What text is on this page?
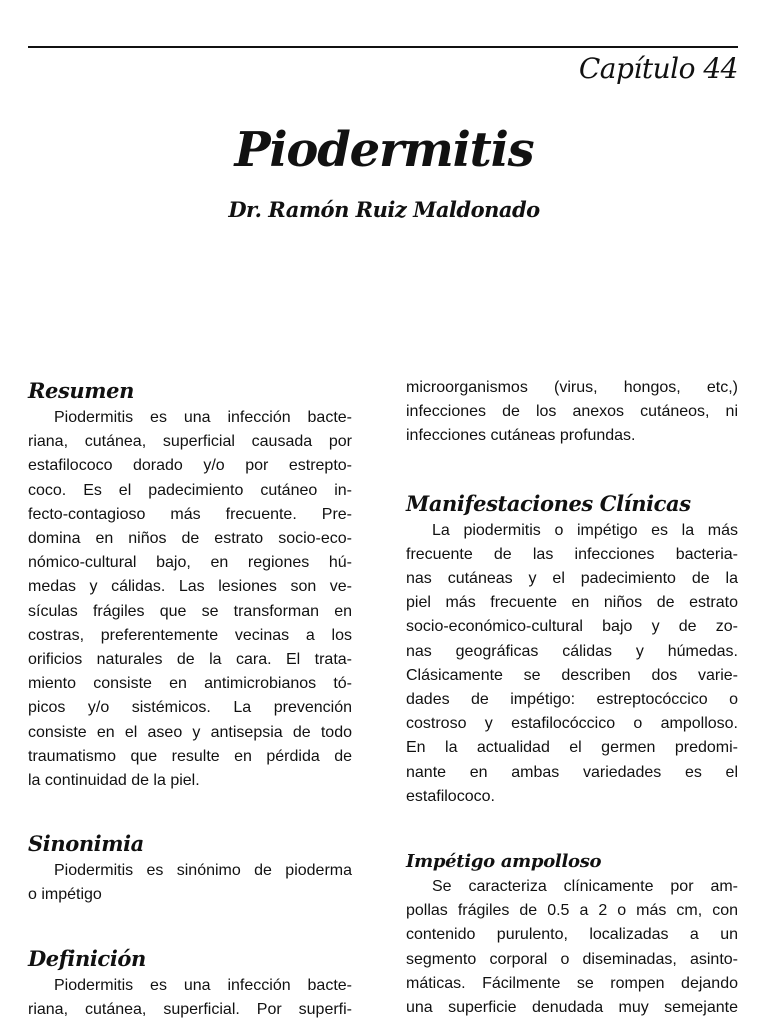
Capítulo 44
Piodermitis
Dr. Ramón Ruiz Maldonado
Resumen

Piodermitis es una infección bacte-
riana, cutánea, superficial causada por
estafilococo dorado y/o por estrepto-
coco. Es el padecimiento cutáneo in-
fecto-contagioso más frecuente. Pre-
domina en niños de estrato socio-eco-
nómico-cultural bajo, en regiones hú-
medas y cálidas. Las lesiones son ve-
sículas frágiles que se transforman en
costras, preferentemente vecinas a los
orificios naturales de la cara. El trata-
miento consiste en antimicrobianos tó-
picos y/o sistémicos. La prevención
consiste en el aseo y antisepsia de todo
traumatismo que resulte en pérdida de
la continuidad de la piel.

Sinonimia

Piodermitis es sinónimo de pioderma
o impétigo

Definición

Piodermitis es una infección bacte-
riana, cutánea, superficial. Por superfi-

microorganismos (virus, hongos, etc,)
infecciones de los anexos cutáneos, ni
infecciones cutáneas profundas.

Manifestaciones Clínicas

La piodermitis o impétigo es la más
frecuente de las infecciones bacteria-
nas cutáneas y el padecimiento de la
piel más frecuente en niños de estrato
socio-económico-cultural bajo y de zo-
nas geográficas cálidas y húmedas.
Clásicamente se describen dos varie-
dades de impétigo: estreptocóccico o
costroso y estafilocóccico o ampolloso.
En la actualidad el germen predomi-
nante en ambas variedades es el
estafilococo.

Impétigo ampolloso

Se caracteriza clínicamente por am-
pollas frágiles de 0.5 a 2 o más cm, con
contenido purulento, localizadas a un
segmento corporal o diseminadas, asinto-
máticas. Fácilmente se rompen dejando
una superficie denudada muy semejante
